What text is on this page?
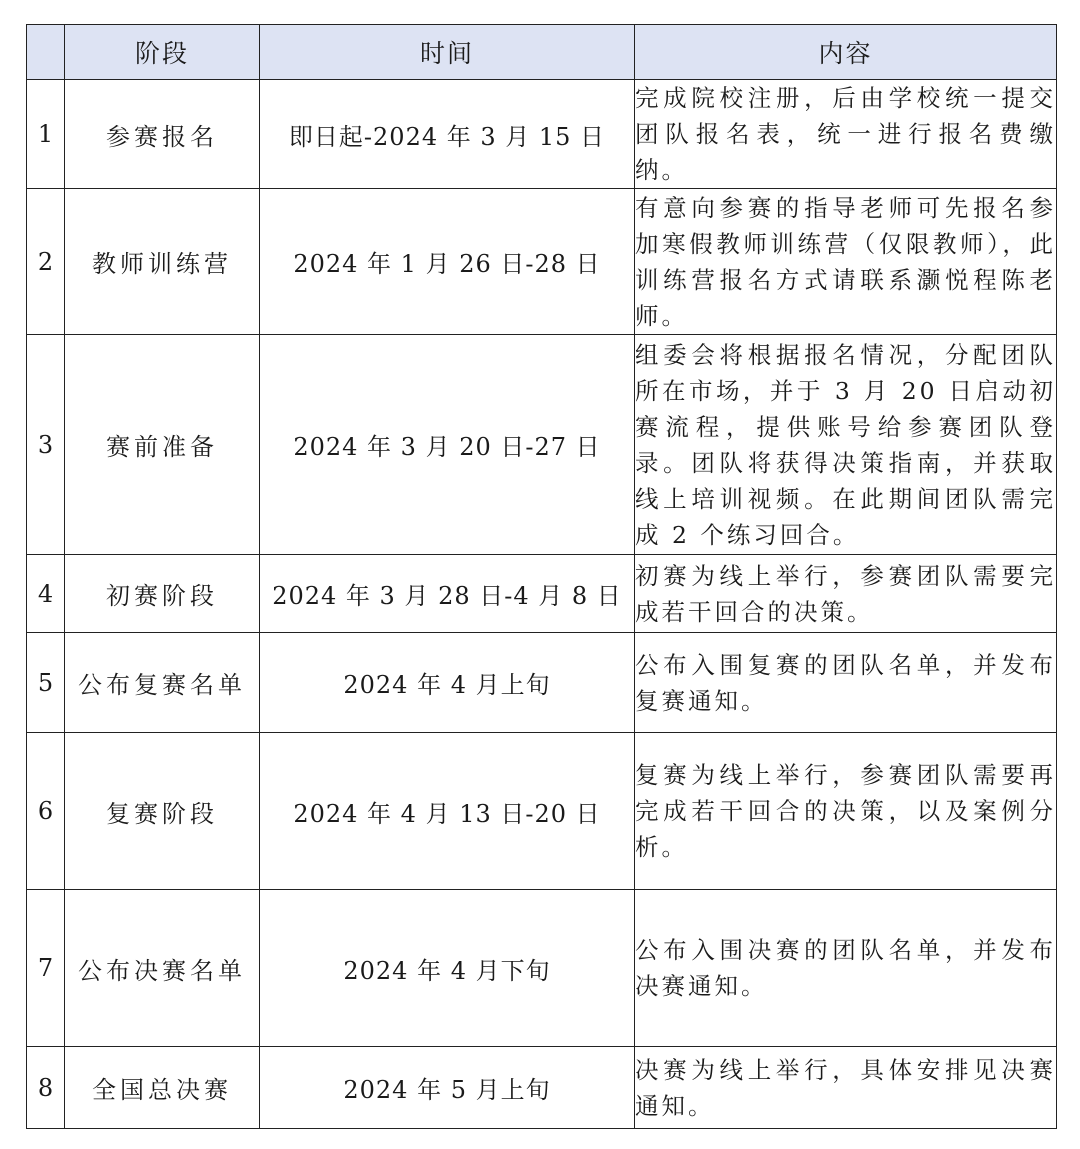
	阶段	时间	内容
1	参赛报名	即日起-2024 年 3 月 15 日	完成院校注册，后由学校统一提交团队报名表，统一进行报名费缴纳。
2	教师训练营	2024 年 1 月 26 日-28 日	有意向参赛的指导老师可先报名参加寒假教师训练营（仅限教师），此训练营报名方式请联系灏悦程陈老师。
3	赛前准备	2024 年 3 月 20 日-27 日	组委会将根据报名情况，分配团队所在市场，并于 3 月 20 日启动初赛流程，提供账号给参赛团队登录。团队将获得决策指南，并获取线上培训视频。在此期间团队需完成 2 个练习回合。
4	初赛阶段	2024 年 3 月 28 日-4 月 8 日	初赛为线上举行，参赛团队需要完成若干回合的决策。
5	公布复赛名单	2024 年 4 月上旬	公布入围复赛的团队名单，并发布复赛通知。
6	复赛阶段	2024 年 4 月 13 日-20 日	复赛为线上举行，参赛团队需要再完成若干回合的决策，以及案例分析。
7	公布决赛名单	2024 年 4 月下旬	公布入围决赛的团队名单，并发布决赛通知。
8	全国总决赛	2024 年 5 月上旬	决赛为线上举行，具体安排见决赛通知。
